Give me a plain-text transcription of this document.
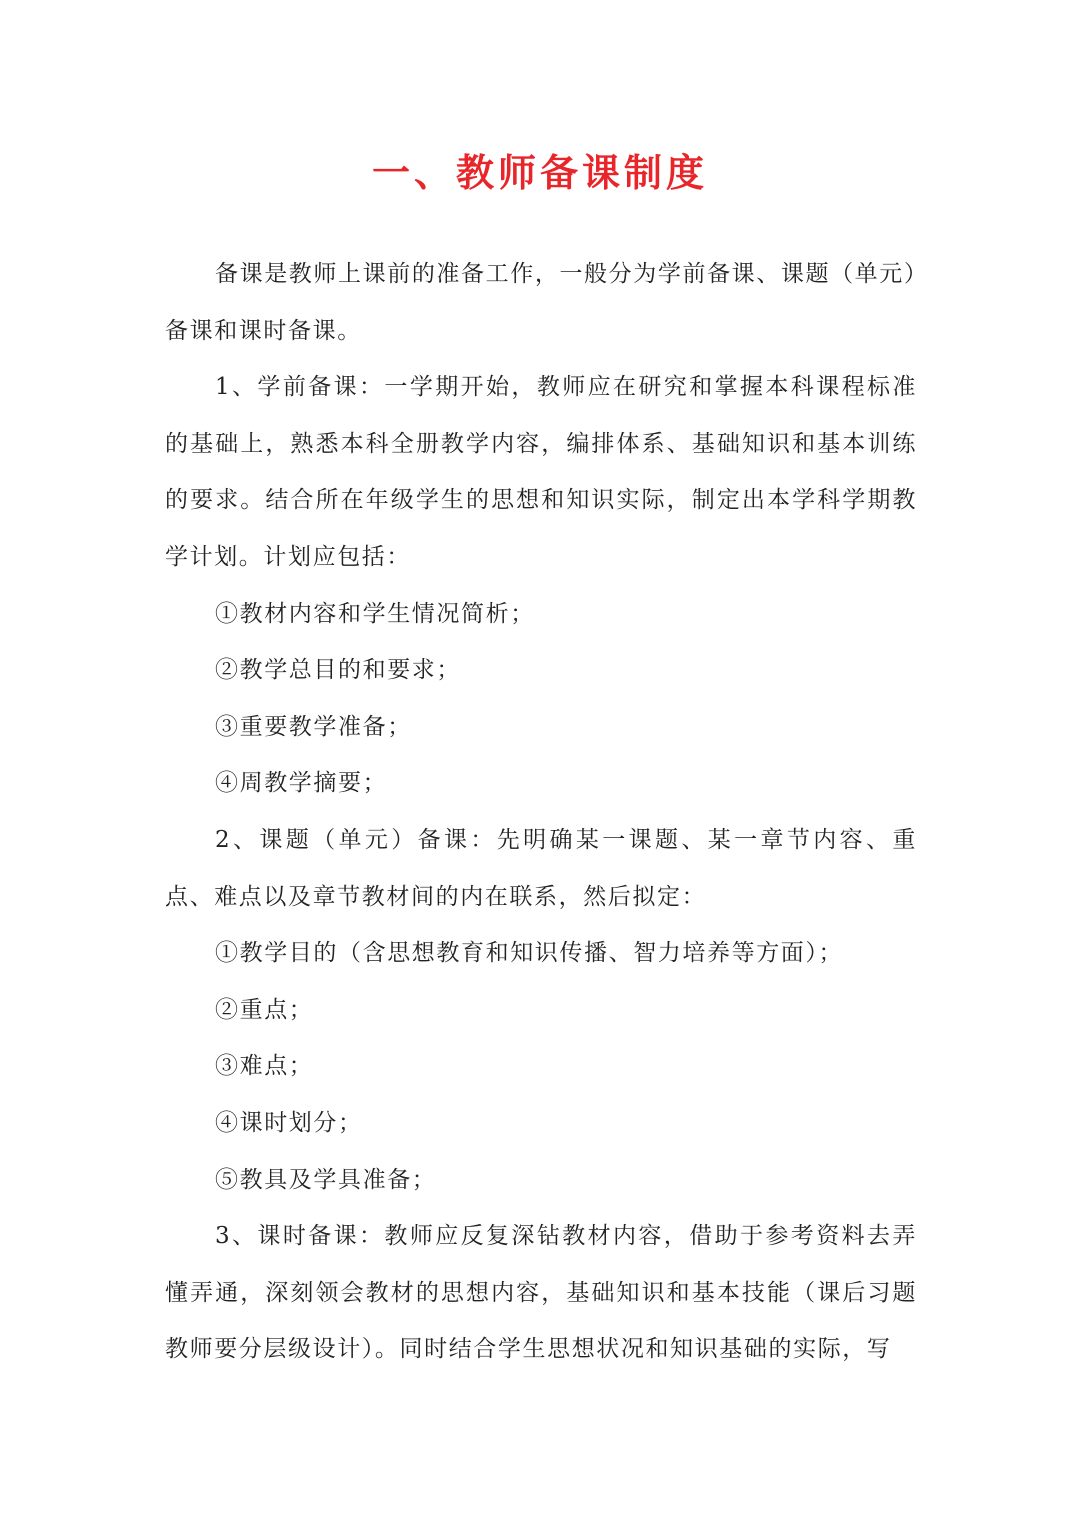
一、教师备课制度

备课是教师上课前的准备工作，一般分为学前备课、课题（单元）备课和课时备课。

1、学前备课：一学期开始，教师应在研究和掌握本科课程标准的基础上，熟悉本科全册教学内容，编排体系、基础知识和基本训练的要求。结合所在年级学生的思想和知识实际，制定出本学科学期教学计划。计划应包括：

①教材内容和学生情况简析；

②教学总目的和要求；

③重要教学准备；

④周教学摘要；

2、课题（单元）备课：先明确某一课题、某一章节内容、重点、难点以及章节教材间的内在联系，然后拟定：

①教学目的（含思想教育和知识传播、智力培养等方面）；

②重点；

③难点；

④课时划分；

⑤教具及学具准备；

3、课时备课：教师应反复深钻教材内容，借助于参考资料去弄懂弄通，深刻领会教材的思想内容，基础知识和基本技能（课后习题教师要分层级设计）。同时结合学生思想状况和知识基础的实际，写
